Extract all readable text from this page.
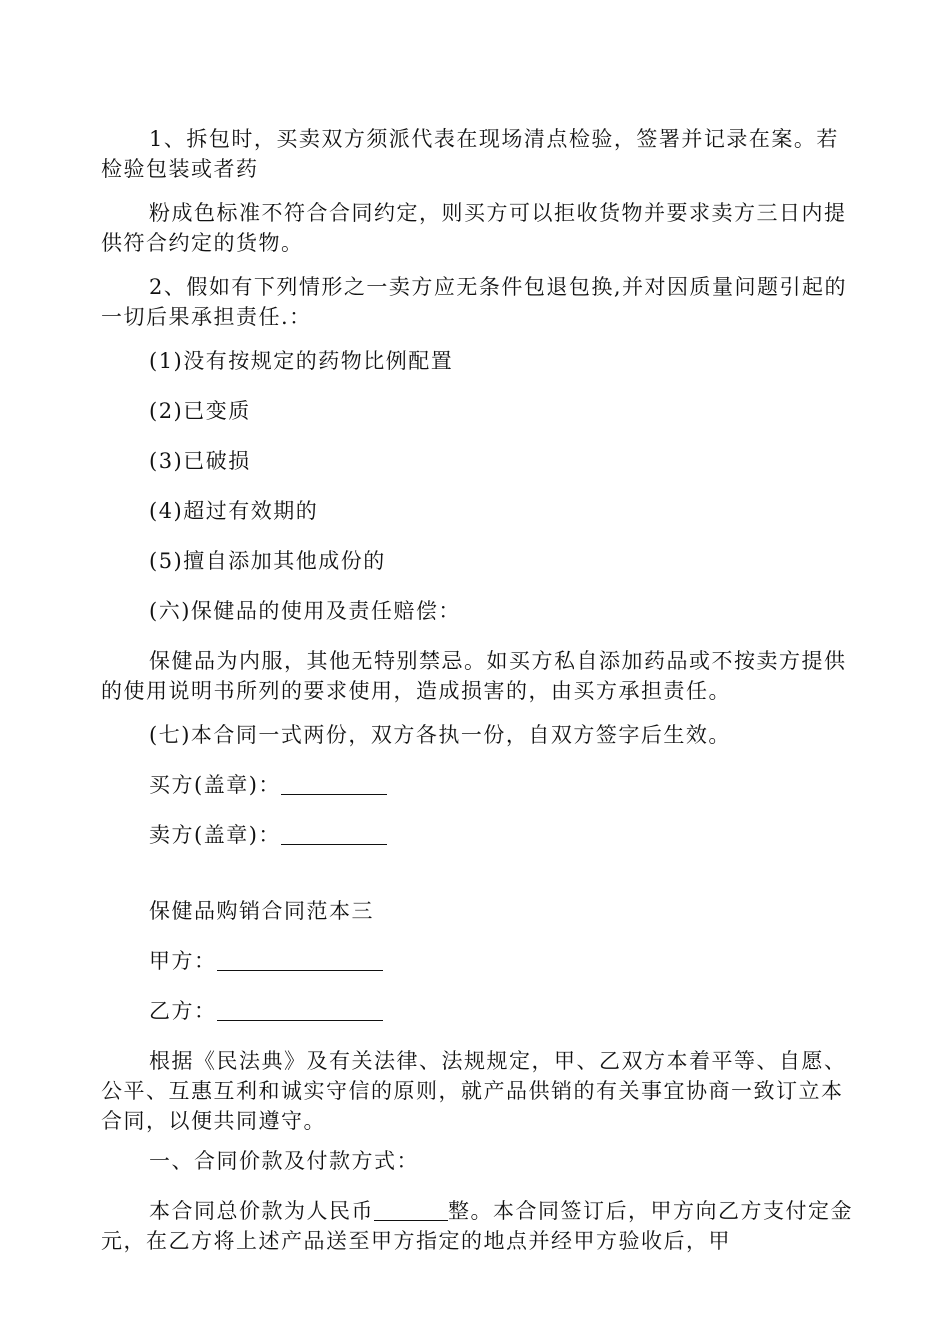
1、拆包时，买卖双方须派代表在现场清点检验，签署并记录在案。若检验包装或者药
粉成色标准不符合合同约定，则买方可以拒收货物并要求卖方三日内提供符合约定的货物。
2、假如有下列情形之一卖方应无条件包退包换,并对因质量问题引起的一切后果承担责任.：
(1)没有按规定的药物比例配置
(2)已变质
(3)已破损
(4)超过有效期的
(5)擅自添加其他成份的
(六)保健品的使用及责任赔偿：
保健品为内服，其他无特别禁忌。如买方私自添加药品或不按卖方提供的使用说明书所列的要求使用，造成损害的，由买方承担责任。
(七)本合同一式两份，双方各执一份，自双方签字后生效。
买方(盖章)：
卖方(盖章)：
保健品购销合同范本三
甲方：
乙方：
根据《民法典》及有关法律、法规规定，甲、乙双方本着平等、自愿、公平、互惠互利和诚实守信的原则，就产品供销的有关事宜协商一致订立本合同，以便共同遵守。
一、合同价款及付款方式：
本合同总价款为人民币	整。本合同签订后，甲方向乙方支付定金元，在乙方将上述产品送至甲方指定的地点并经甲方验收后，甲
